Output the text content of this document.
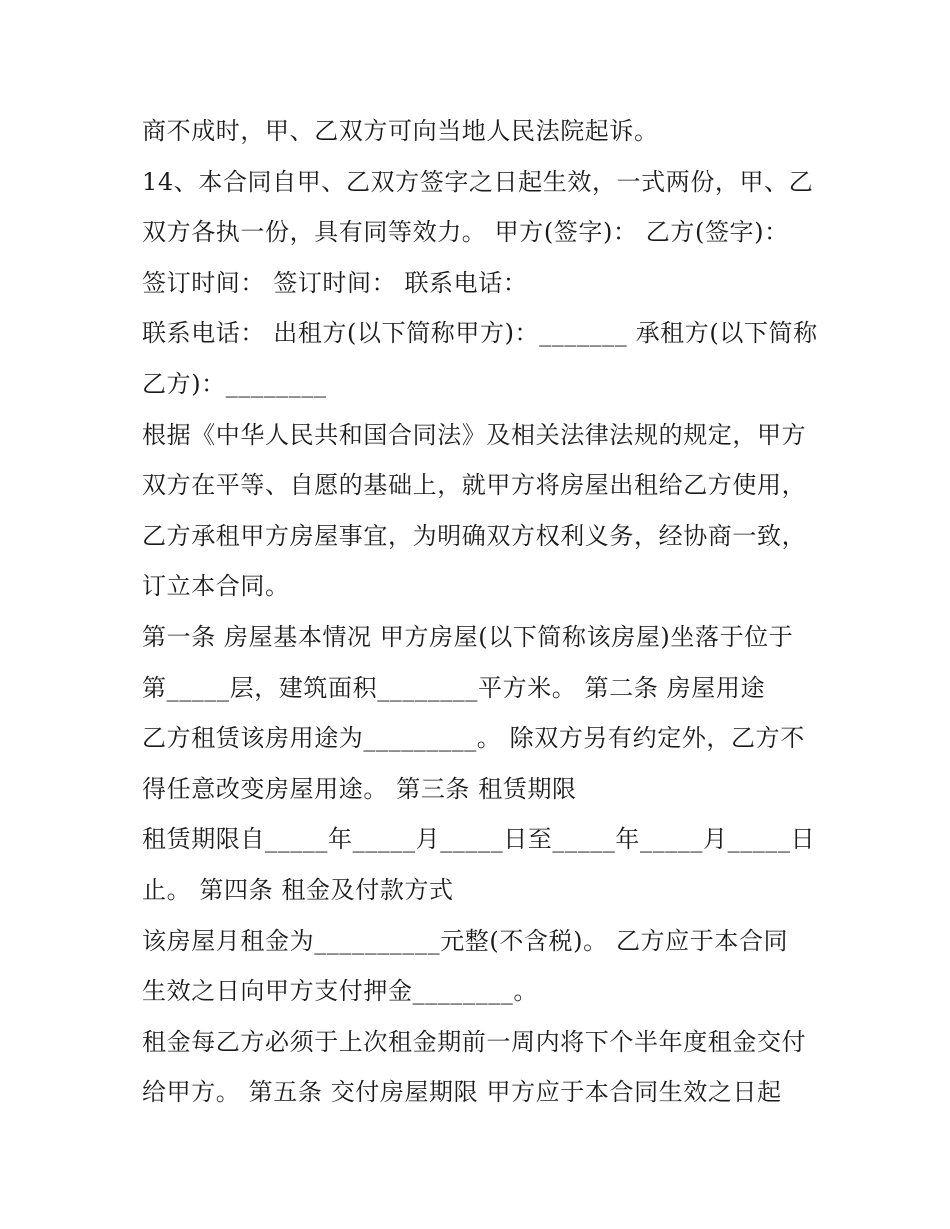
商不成时，甲、乙双方可向当地人民法院起诉。
14、本合同自甲、乙双方签字之日起生效，一式两份，甲、乙
双方各执一份，具有同等效力。 甲方(签字)： 乙方(签字)：
签订时间： 签订时间： 联系电话：
联系电话： 出租方(以下简称甲方)：_______ 承租方(以下简称
乙方)：________
根据《中华人民共和国合同法》及相关法律法规的规定，甲方
双方在平等、自愿的基础上，就甲方将房屋出租给乙方使用，
乙方承租甲方房屋事宜，为明确双方权利义务，经协商一致，
订立本合同。
第一条 房屋基本情况 甲方房屋(以下简称该房屋)坐落于位于
第_____层，建筑面积________平方米。 第二条 房屋用途
乙方租赁该房用途为_________。 除双方另有约定外，乙方不
得任意改变房屋用途。 第三条 租赁期限
租赁期限自_____年_____月_____日至_____年_____月_____日
止。 第四条 租金及付款方式
该房屋月租金为__________元整(不含税)。 乙方应于本合同
生效之日向甲方支付押金________。
租金每乙方必须于上次租金期前一周内将下个半年度租金交付
给甲方。 第五条 交付房屋期限 甲方应于本合同生效之日起
